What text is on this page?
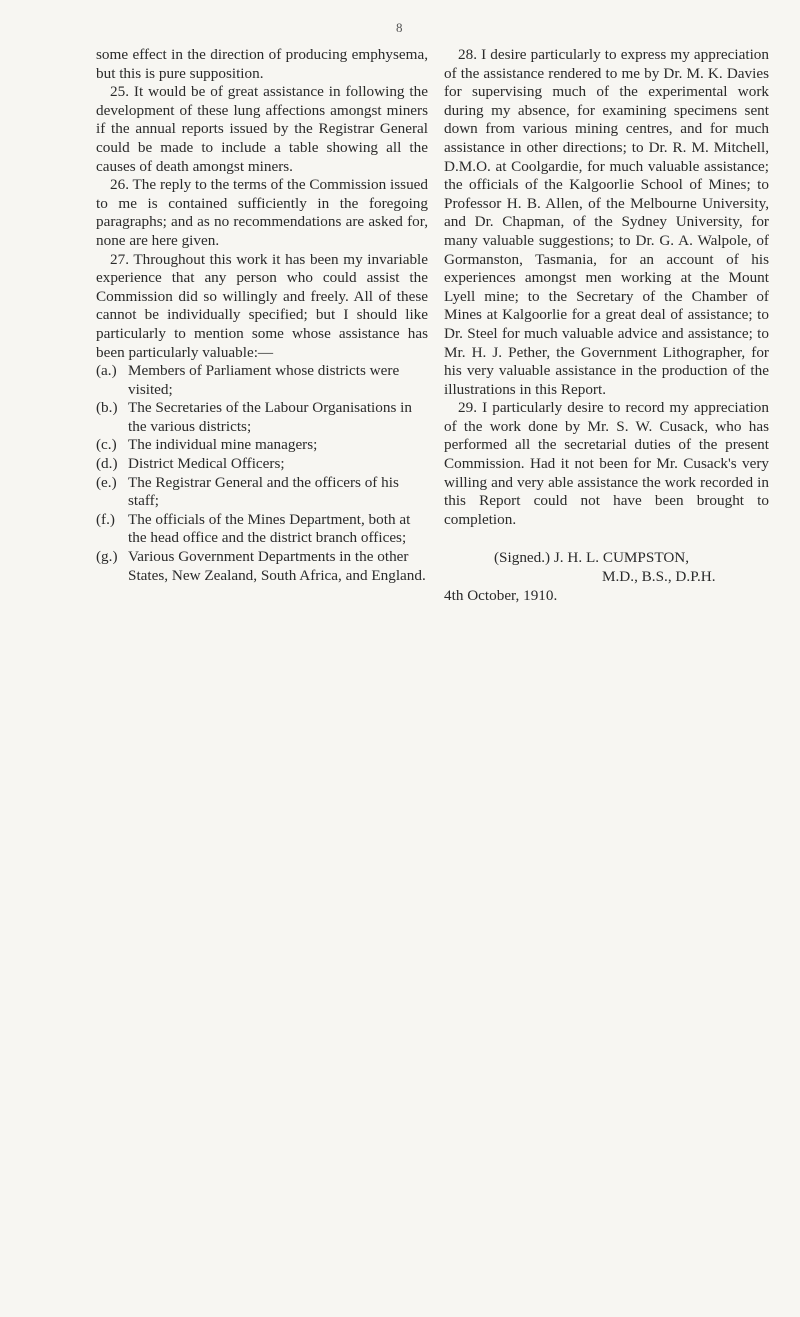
8

some effect in the direction of producing emphysema, but this is pure supposition.

25. It would be of great assistance in following the development of these lung affections amongst miners if the annual reports issued by the Registrar General could be made to include a table showing all the causes of death amongst miners.

26. The reply to the terms of the Commission issued to me is contained sufficiently in the foregoing paragraphs; and as no recommendations are asked for, none are here given.

27. Throughout this work it has been my invariable experience that any person who could assist the Commission did so willingly and freely. All of these cannot be individually specified; but I should like particularly to mention some whose assistance has been particularly valuable:—

(a.) Members of Parliament whose districts were visited;
(b.) The Secretaries of the Labour Organisations in the various districts;
(c.) The individual mine managers;
(d.) District Medical Officers;
(e.) The Registrar General and the officers of his staff;
(f.) The officials of the Mines Department, both at the head office and the district branch offices;
(g.) Various Government Departments in the other States, New Zealand, South Africa, and England.

28. I desire particularly to express my appreciation of the assistance rendered to me by Dr. M. K. Davies for supervising much of the experimental work during my absence, for examining specimens sent down from various mining centres, and for much assistance in other directions; to Dr. R. M. Mitchell, D.M.O. at Coolgardie, for much valuable assistance; the officials of the Kalgoorlie School of Mines; to Professor H. B. Allen, of the Melbourne University, and Dr. Chapman, of the Sydney University, for many valuable suggestions; to Dr. G. A. Walpole, of Gormanston, Tasmania, for an account of his experiences amongst men working at the Mount Lyell mine; to the Secretary of the Chamber of Mines at Kalgoorlie for a great deal of assistance; to Dr. Steel for much valuable advice and assistance; to Mr. H. J. Pether, the Government Lithographer, for his very valuable assistance in the production of the illustrations in this Report.

29. I particularly desire to record my appreciation of the work done by Mr. S. W. Cusack, who has performed all the secretarial duties of the present Commission. Had it not been for Mr. Cusack's very willing and very able assistance the work recorded in this Report could not have been brought to completion.

(Signed.) J. H. L. CUMPSTON,
M.D., B.S., D.P.H.
4th October, 1910.
